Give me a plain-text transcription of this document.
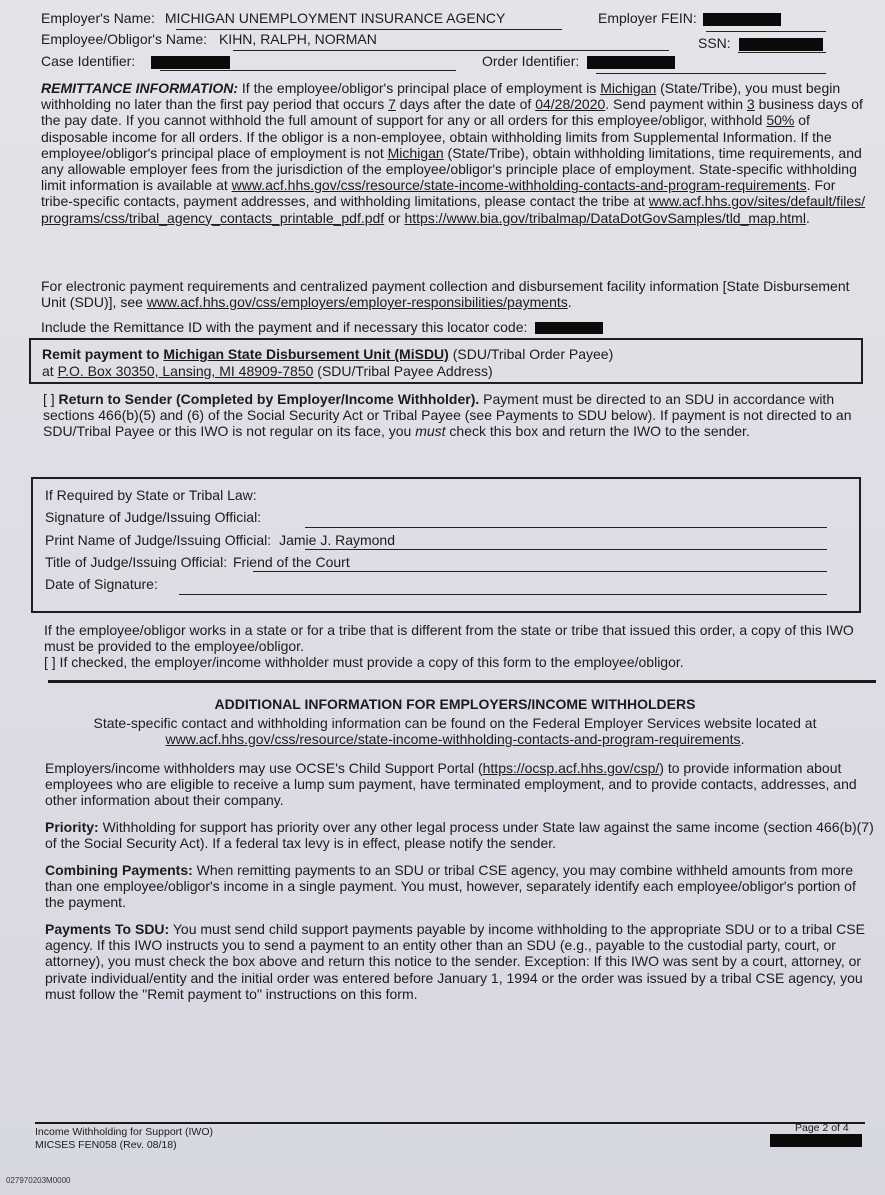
Employer's Name: MICHIGAN UNEMPLOYMENT INSURANCE AGENCY	Employer FEIN:
Employee/Obligor's Name: KIHN, RALPH, NORMAN	SSN:
Case Identifier:	Order Identifier:
REMITTANCE INFORMATION: If the employee/obligor's principal place of employment is Michigan (State/Tribe), you must begin withholding no later than the first pay period that occurs 7 days after the date of 04/28/2020. Send payment within 3 business days of the pay date. If you cannot withhold the full amount of support for any or all orders for this employee/obligor, withhold 50% of disposable income for all orders. If the obligor is a non-employee, obtain withholding limits from Supplemental Information. If the employee/obligor's principal place of employment is not Michigan (State/Tribe), obtain withholding limitations, time requirements, and any allowable employer fees from the jurisdiction of the employee/obligor's principle place of employment. State-specific withholding limit information is available at www.acf.hhs.gov/css/resource/state-income-withholding-contacts-and-program-requirements. For tribe-specific contacts, payment addresses, and withholding limitations, please contact the tribe at www.acf.hhs.gov/sites/default/files/programs/css/tribal_agency_contacts_printable_pdf.pdf or https://www.bia.gov/tribalmap/DataDotGovSamples/tld_map.html.
For electronic payment requirements and centralized payment collection and disbursement facility information [State Disbursement Unit (SDU)], see www.acf.hhs.gov/css/employers/employer-responsibilities/payments.
Include the Remittance ID with the payment and if necessary this locator code:
Remit payment to Michigan State Disbursement Unit (MiSDU) (SDU/Tribal Order Payee)
at P.O. Box 30350, Lansing, MI 48909-7850 (SDU/Tribal Payee Address)
[ ] Return to Sender (Completed by Employer/Income Withholder). Payment must be directed to an SDU in accordance with sections 466(b)(5) and (6) of the Social Security Act or Tribal Payee (see Payments to SDU below). If payment is not directed to an SDU/Tribal Payee or this IWO is not regular on its face, you must check this box and return the IWO to the sender.
If Required by State or Tribal Law:
Signature of Judge/Issuing Official:
Print Name of Judge/Issuing Official: Jamie J. Raymond
Title of Judge/Issuing Official: Friend of the Court
Date of Signature:
If the employee/obligor works in a state or for a tribe that is different from the state or tribe that issued this order, a copy of this IWO must be provided to the employee/obligor.
[ ] If checked, the employer/income withholder must provide a copy of this form to the employee/obligor.
ADDITIONAL INFORMATION FOR EMPLOYERS/INCOME WITHHOLDERS
State-specific contact and withholding information can be found on the Federal Employer Services website located at
www.acf.hhs.gov/css/resource/state-income-withholding-contacts-and-program-requirements.
Employers/income withholders may use OCSE's Child Support Portal (https://ocsp.acf.hhs.gov/csp/) to provide information about employees who are eligible to receive a lump sum payment, have terminated employment, and to provide contacts, addresses, and other information about their company.
Priority: Withholding for support has priority over any other legal process under State law against the same income (section 466(b)(7) of the Social Security Act). If a federal tax levy is in effect, please notify the sender.
Combining Payments: When remitting payments to an SDU or tribal CSE agency, you may combine withheld amounts from more than one employee/obligor's income in a single payment. You must, however, separately identify each employee/obligor's portion of the payment.
Payments To SDU: You must send child support payments payable by income withholding to the appropriate SDU or to a tribal CSE agency. If this IWO instructs you to send a payment to an entity other than an SDU (e.g., payable to the custodial party, court, or attorney), you must check the box above and return this notice to the sender. Exception: If this IWO was sent by a court, attorney, or private individual/entity and the initial order was entered before January 1, 1994 or the order was issued by a tribal CSE agency, you must follow the "Remit payment to" instructions on this form.
Income Withholding for Support (IWO)
MICSES FEN058 (Rev. 08/18)
Page 2 of 4
027970203M0000
